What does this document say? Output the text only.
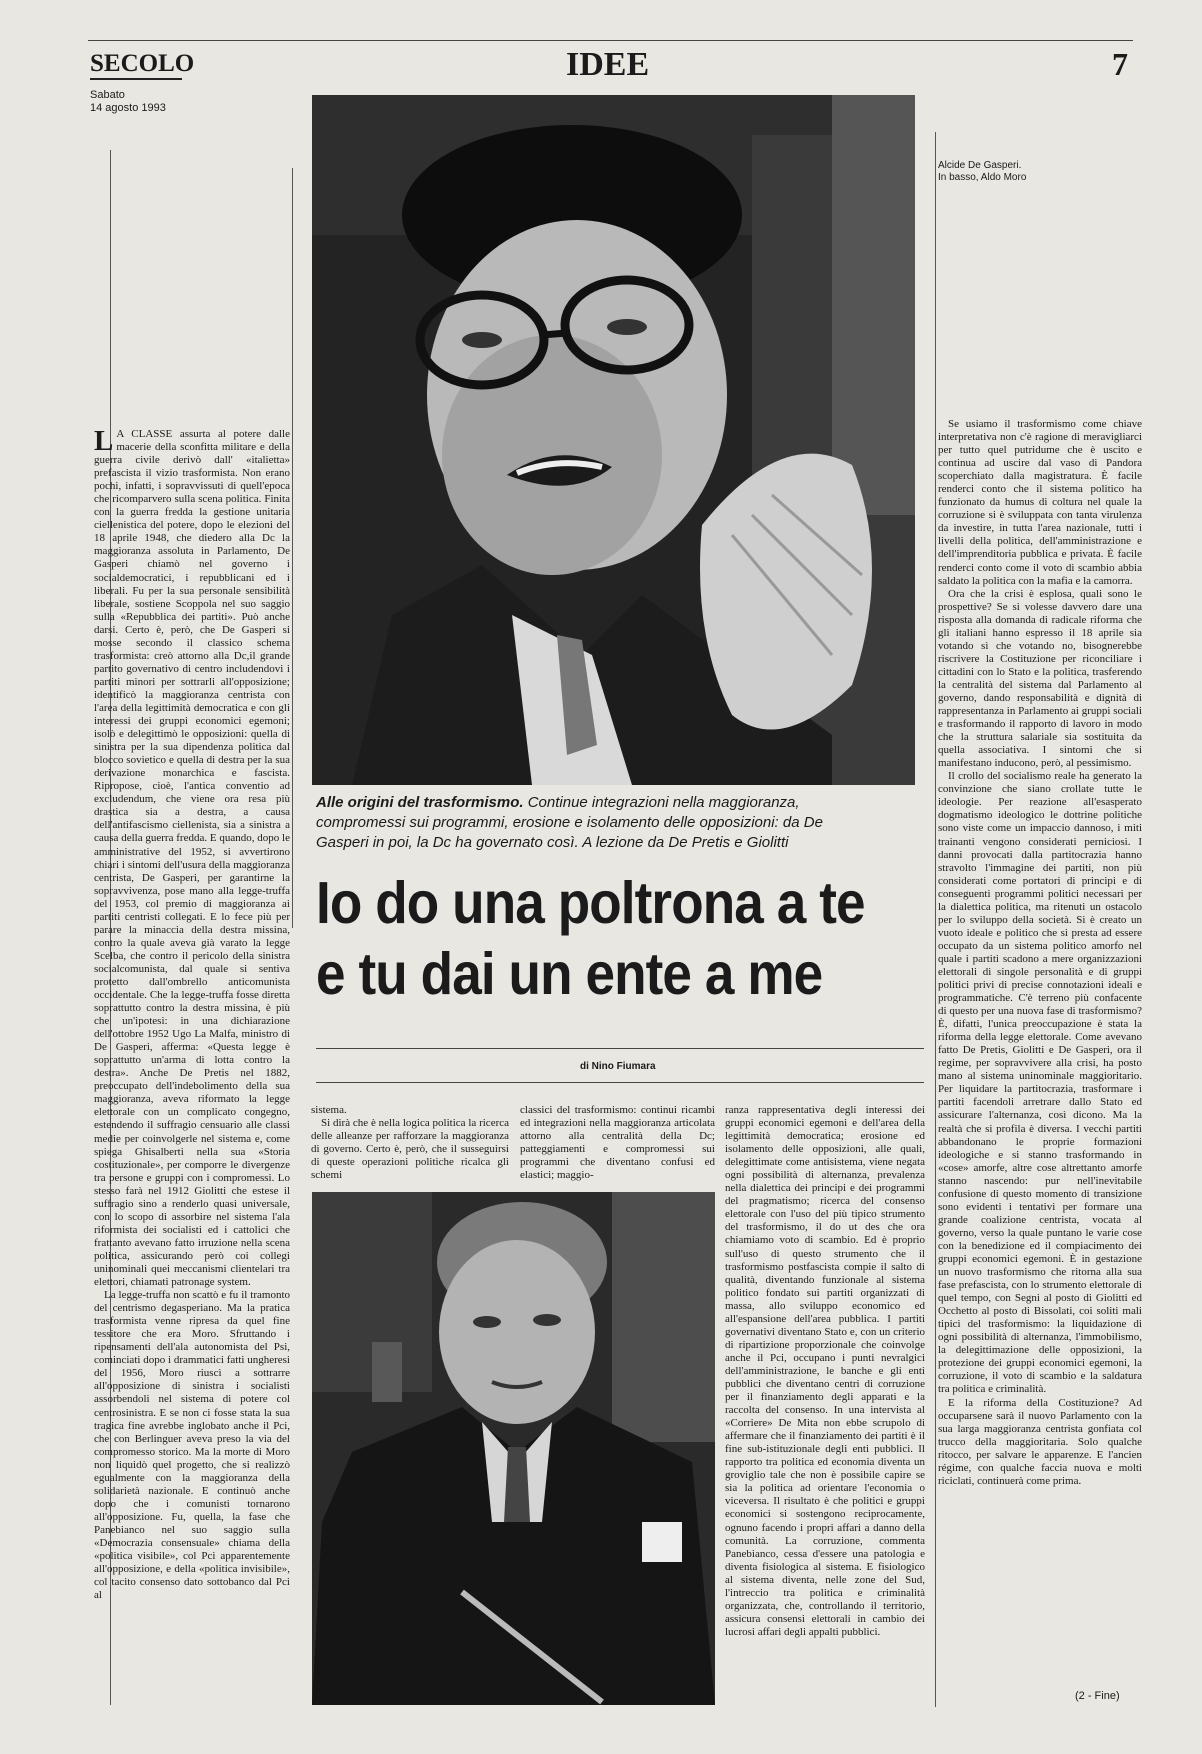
SECOLO
Sabato
14 agosto 1993
IDEE	7
Alcide De Gasperi.
In basso, Aldo Moro
Alle origini del trasformismo. Continue integrazioni nella maggioranza, compromessi sui programmi, erosione e isolamento delle opposizioni: da De Gasperi in poi, la Dc ha governato così. A lezione da De Pretis e Giolitti
Io do una poltrona a te
e tu dai un ente a me
di Nino Fiumara

L A CLASSE assurta al potere dalle macerie della sconfitta militare e della guerra civile derivò dall' «italietta» prefascista il vizio trasformista. Non erano pochi, infatti, i sopravvissuti di quell'epoca che ricomparvero sulla scena politica. Finita con la guerra fredda la gestione unitaria ciellenistica del potere, dopo le elezioni del 18 aprile 1948, che diedero alla Dc la maggioranza assoluta in Parlamento, De Gasperi chiamò nel governo i socialdemocratici, i repubblicani ed i liberali. Fu per la sua personale sensibilità liberale, sostiene Scoppola nel suo saggio sulla «Repubblica dei partiti». Può anche darsi. Certo è, però, che De Gasperi si mosse secondo il classico schema trasformista: creò attorno alla Dc,il grande partito governativo di centro includendovi i partiti minori per sottrarli all'opposizione; identificò la maggioranza centrista con l'area della legittimità democratica e con gli interessi dei gruppi economici egemoni; isolò e delegittimò le opposizioni: quella di sinistra per la sua dipendenza politica dal blocco sovietico e quella di destra per la sua derivazione monarchica e fascista. Ripropose, cioè, l'antica conventio ad excludendum, che viene ora resa più drastica sia a destra, a causa dell'antifascismo ciellenista, sia a sinistra a causa della guerra fredda. E quando, dopo le amministrative del 1952, si avvertirono chiari i sintomi dell'usura della maggioranza centrista, De Gasperi, per garantirne la sopravvivenza, pose mano alla legge-truffa del 1953, col premio di maggioranza ai partiti centristi collegati. E lo fece più per parare la minaccia della destra missina, contro la quale aveva già varato la legge Scelba, che contro il pericolo della sinistra socialcomunista, dal quale si sentiva protetto dall'ombrello anticomunista occidentale. Che la legge-truffa fosse diretta soprattutto contro la destra missina, è più che un'ipotesi: in una dichiarazione dell'ottobre 1952 Ugo La Malfa, ministro di De Gasperi, afferma: «Questa legge è soprattutto un'arma di lotta contro la destra». Anche De Pretis nel 1882, preoccupato dell'indebolimento della sua maggioranza, aveva riformato la legge elettorale con un complicato congegno, estendendo il suffragio censuario alle classi medie per coinvolgerle nel sistema e, come spiega Ghisalberti nella sua «Storia costituzionale», per comporre le divergenze tra persone e gruppi con i compromessi. Lo stesso farà nel 1912 Giolitti che estese il suffragio sino a renderlo quasi universale, con lo scopo di assorbire nel sistema l'ala riformista dei socialisti ed i cattolici che frattanto avevano fatto irruzione nella scena politica, assicurando però coi collegi uninominali quei meccanismi clientelari tra elettori, chiamati patronage system.

La legge-truffa non scattò e fu il tramonto del centrismo degasperiano. Ma la pratica trasformista venne ripresa da quel fine tessitore che era Moro. Sfruttando i ripensamenti dell'ala autonomista del Psi, cominciati dopo i drammatici fatti ungheresi del 1956, Moro riuscì a sottrarre all'opposizione di sinistra i socialisti assorbendoli nel sistema di potere col centrosinistra. E se non ci fosse stata la sua tragica fine avrebbe inglobato anche il Pci, che con Berlinguer aveva preso la via del compromesso storico. Ma la morte di Moro non liquidò quel progetto, che si realizzò egualmente con la maggioranza della solidarietà nazionale. E continuò anche dopo che i comunisti tornarono all'opposizione. Fu, quella, la fase che Panebianco nel suo saggio sulla «Democrazia consensuale» chiama della «politica visibile», col Pci apparentemente all'opposizione, e della «politica invisibile», col tacito consenso dato sottobanco dal Pci al

sistema.

Si dirà che è nella logica politica la ricerca delle alleanze per rafforzare la maggioranza di governo. Certo è, però, che il susseguirsi di queste operazioni politiche ricalca gli schemi

classici del trasformismo: continui ricambi ed integrazioni nella maggioranza articolata attorno alla centralità della Dc; patteggiamenti e compromessi sui programmi che diventano confusi ed elastici; maggio-

ranza rappresentativa degli interessi dei gruppi economici egemoni e dell'area della legittimità democratica; erosione ed isolamento delle opposizioni, alle quali, delegittimate come antisistema, viene negata ogni possibilità di alternanza, prevalenza nella dialettica dei principi e dei programmi del pragmatismo; ricerca del consenso elettorale con l'uso del più tipico strumento del trasformismo, il do ut des che ora chiamiamo voto di scambio. Ed è proprio sull'uso di questo strumento che il trasformismo postfascista compie il salto di qualità, diventando funzionale al sistema politico fondato sui partiti organizzati di massa, allo sviluppo economico ed all'espansione dell'area pubblica. I partiti governativi diventano Stato e, con un criterio di ripartizione proporzionale che coinvolge anche il Pci, occupano i punti nevralgici dell'amministrazione, le banche e gli enti pubblici che diventano centri di corruzione per il finanziamento degli apparati e la raccolta del consenso. In una intervista al «Corriere» De Mita non ebbe scrupolo di affermare che il finanziamento dei partiti è il fine sub-istituzionale degli enti pubblici. Il rapporto tra politica ed economia diventa un groviglio tale che non è possibile capire se sia la politica ad orientare l'economia o viceversa. Il risultato è che politici e gruppi economici si sostengono reciprocamente, ognuno facendo i propri affari a danno della comunità. La corruzione, commenta Panebianco, cessa d'essere una patologia e diventa fisiologica al sistema. E fisiologico al sistema diventa, nelle zone del Sud, l'intreccio tra politica e criminalità organizzata, che, controllando il territorio, assicura consensi elettorali in cambio dei lucrosi affari degli appalti pubblici.

Se usiamo il trasformismo come chiave interpretativa non c'è ragione di meravigliarci per tutto quel putridume che è uscito e continua ad uscire dal vaso di Pandora scoperchiato dalla magistratura. È facile renderci conto che il sistema politico ha funzionato da humus di coltura nel quale la corruzione si è sviluppata con tanta virulenza da investire, in tutta l'area nazionale, tutti i livelli della politica, dell'amministrazione e dell'imprenditoria pubblica e privata. È facile renderci conto come il voto di scambio abbia saldato la politica con la mafia e la camorra.

Ora che la crisi è esplosa, quali sono le prospettive? Se si volesse davvero dare una risposta alla domanda di radicale riforma che gli italiani hanno espresso il 18 aprile sia votando sì che votando no, bisognerebbe riscrivere la Costituzione per riconciliare i cittadini con lo Stato e la politica, trasferendo la centralità del sistema dal Parlamento al governo, dando responsabilità e dignità di rappresentanza in Parlamento ai gruppi sociali e trasformando il rapporto di lavoro in modo che la struttura salariale sia sostituita da quella associativa. I sintomi che si manifestano inducono, però, al pessimismo.

Il crollo del socialismo reale ha generato la convinzione che siano crollate tutte le ideologie. Per reazione all'esasperato dogmatismo ideologico le dottrine politiche sono viste come un impaccio dannoso, i miti trainanti vengono considerati perniciosi. I danni provocati dalla partitocrazia hanno stravolto l'immagine dei partiti, non più considerati come portatori di principi e di conseguenti programmi politici necessari per la dialettica politica, ma ritenuti un ostacolo per lo sviluppo della società. Si è creato un vuoto ideale e politico che si presta ad essere occupato da un sistema politico amorfo nel quale i partiti scadono a mere organizzazioni elettorali di singole personalità e di gruppi politici privi di precise connotazioni ideali e programmatiche. C'è terreno più confacente di questo per una nuova fase di trasformismo? È, difatti, l'unica preoccupazione è stata la riforma della legge elettorale. Come avevano fatto De Pretis, Giolitti e De Gasperi, ora il regime, per sopravvivere alla crisi, ha posto mano al sistema uninominale maggioritario. Per liquidare la partitocrazia, trasformare i partiti facendoli arretrare dallo Stato ed assicurare l'alternanza, così dicono. Ma la realtà che si profila è diversa. I vecchi partiti abbandonano le proprie formazioni ideologiche e si stanno trasformando in «cose» amorfe, altre cose altrettanto amorfe stanno nascendo: pur nell'inevitabile confusione di questo momento di transizione sono evidenti i tentativi per formare una grande coalizione centrista, vocata al governo, verso la quale puntano le varie cose con la benedizione ed il compiacimento dei gruppi economici egemoni. È in gestazione un nuovo trasformismo che ritorna alla sua fase prefascista, con lo strumento elettorale di quel tempo, con Segni al posto di Giolitti ed Occhetto al posto di Bissolati, coi soliti mali tipici del trasformismo: la liquidazione di ogni possibilità di alternanza, l'immobilismo, la delegittimazione delle opposizioni, la protezione dei gruppi economici egemoni, la corruzione, il voto di scambio e la saldatura tra politica e criminalità.

E la riforma della Costituzione? Ad occuparsene sarà il nuovo Parlamento con la sua larga maggioranza centrista gonfiata col trucco della maggioritaria. Solo qualche ritocco, per salvare le apparenze. E l'ancien régime, con qualche faccia nuova e molti riciclati, continuerà come prima.

(2 - Fine)
